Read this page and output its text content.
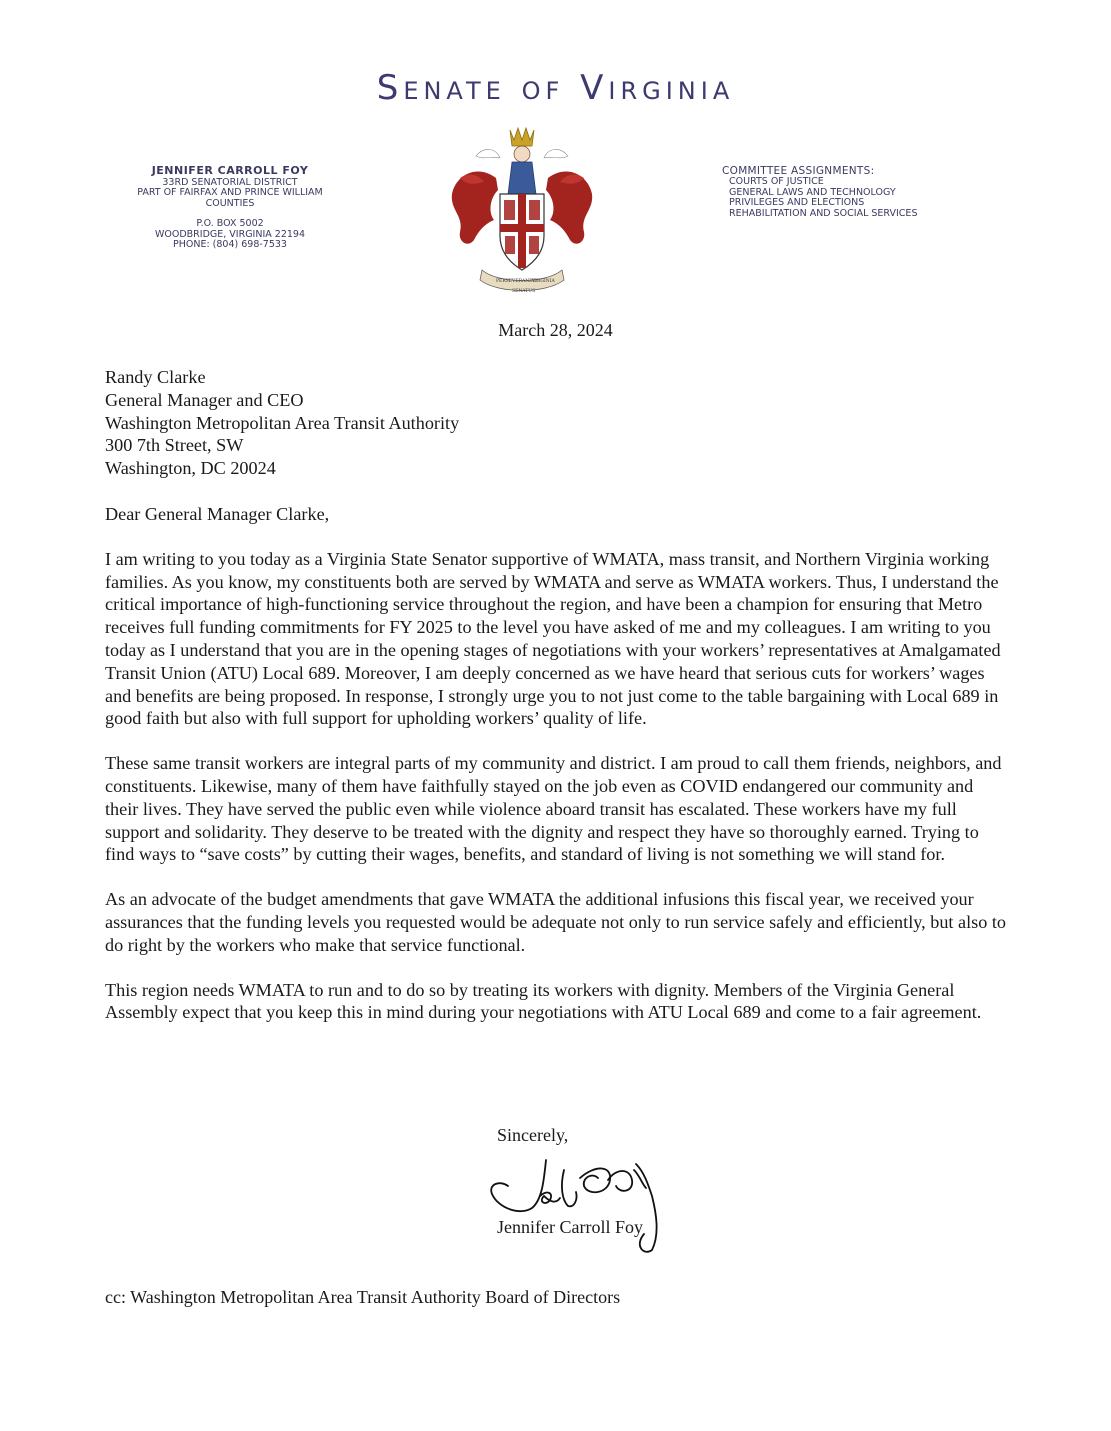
Senate of Virginia
JENNIFER CARROLL FOY
33RD SENATORIAL DISTRICT
PART OF FAIRFAX AND PRINCE WILLIAM
COUNTIES
P.O. BOX 5002
WOODBRIDGE, VIRGINIA 22194
PHONE: (804) 698-7533
PERSEVERANDO
VIRGINIA
SENATUS
COMMITTEE ASSIGNMENTS:
COURTS OF JUSTICE
GENERAL LAWS AND TECHNOLOGY
PRIVILEGES AND ELECTIONS
REHABILITATION AND SOCIAL SERVICES
March 28, 2024
Randy Clarke
General Manager and CEO
Washington Metropolitan Area Transit Authority
300 7th Street, SW
Washington, DC 20024
Dear General Manager Clarke,

I am writing to you today as a Virginia State Senator supportive of WMATA, mass transit, and Northern Virginia working families. As you know, my constituents both are served by WMATA and serve as WMATA workers. Thus, I understand the critical importance of high-functioning service throughout the region, and have been a champion for ensuring that Metro receives full funding commitments for FY 2025 to the level you have asked of me and my colleagues. I am writing to you today as I understand that you are in the opening stages of negotiations with your workers’ representatives at Amalgamated Transit Union (ATU) Local 689. Moreover, I am deeply concerned as we have heard that serious cuts for workers’ wages and benefits are being proposed. In response, I strongly urge you to not just come to the table bargaining with Local 689 in good faith but also with full support for upholding workers’ quality of life.

These same transit workers are integral parts of my community and district. I am proud to call them friends, neighbors, and constituents. Likewise, many of them have faithfully stayed on the job even as COVID endangered our community and their lives. They have served the public even while violence aboard transit has escalated. These workers have my full support and solidarity. They deserve to be treated with the dignity and respect they have so thoroughly earned. Trying to find ways to “save costs” by cutting their wages, benefits, and standard of living is not something we will stand for.

As an advocate of the budget amendments that gave WMATA the additional infusions this fiscal year, we received your assurances that the funding levels you requested would be adequate not only to run service safely and efficiently, but also to do right by the workers who make that service functional.

This region needs WMATA to run and to do so by treating its workers with dignity. Members of the Virginia General Assembly expect that you keep this in mind during your negotiations with ATU Local 689 and come to a fair agreement.

Sincerely,
Jennifer Carroll Foy
cc: Washington Metropolitan Area Transit Authority Board of Directors
